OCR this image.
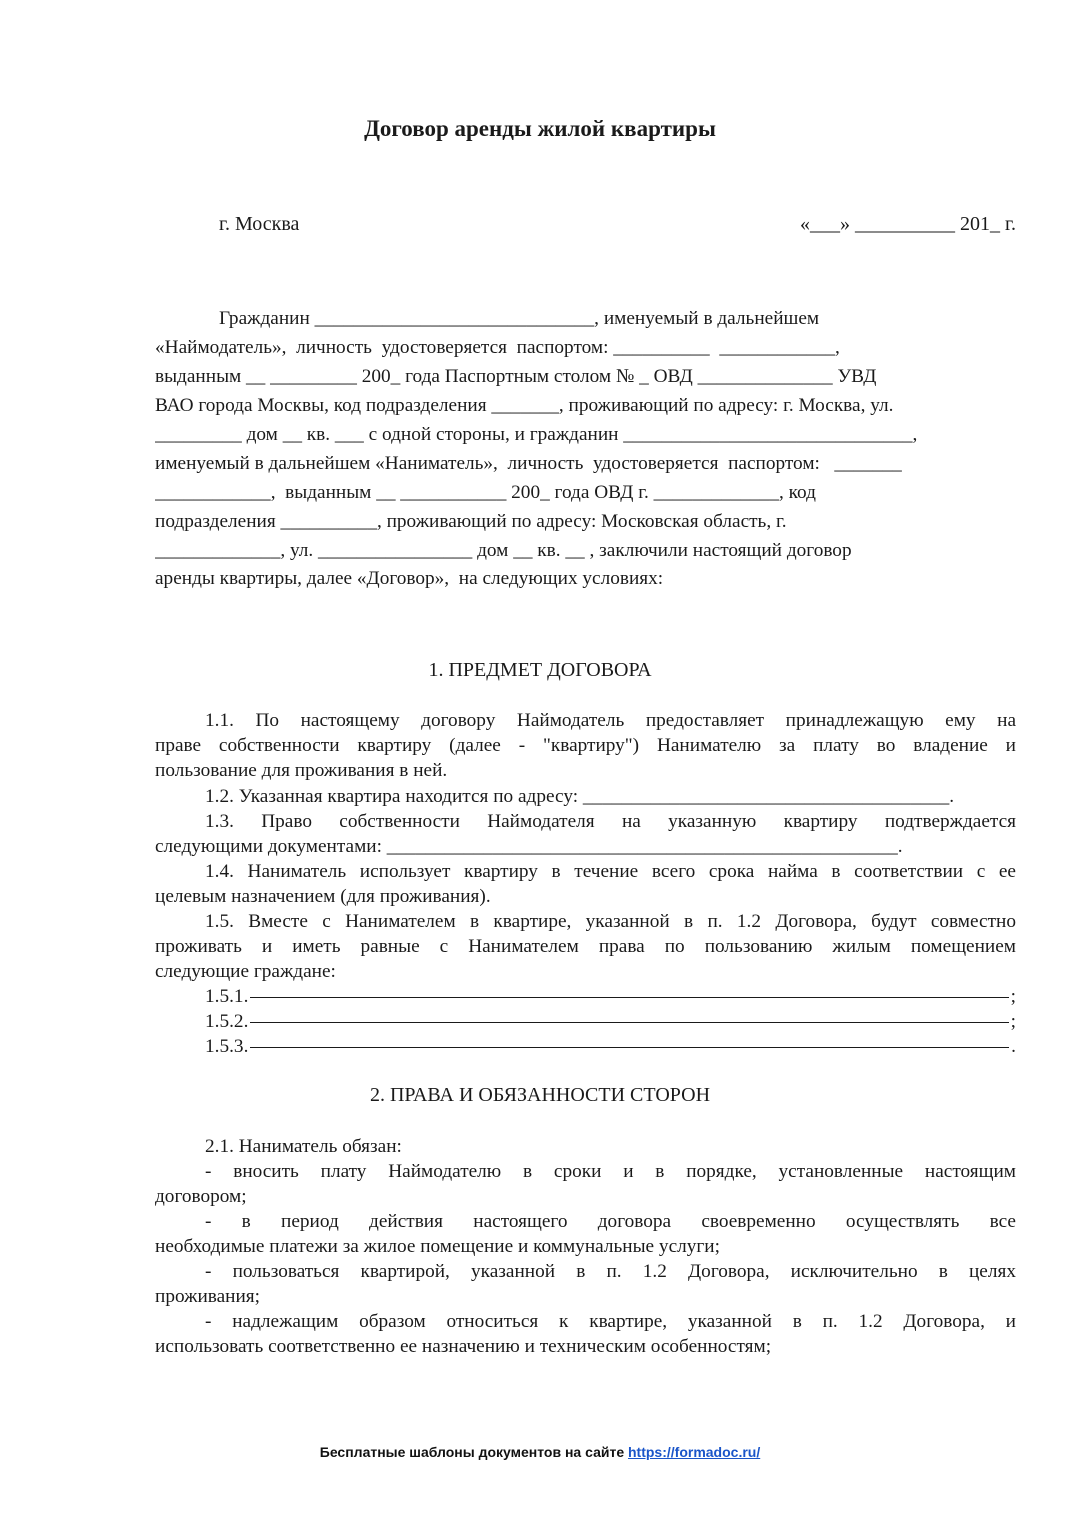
Договор аренды жилой квартиры
г. Москва	«___» __________ 201_ г.
Гражданин _____________________________, именуемый в дальнейшем
«Наймодатель»,  личность  удостоверяется  паспортом: __________  ____________,
выданным __ _________ 200_ года Паспортным столом № _ ОВД ______________ УВД
ВАО города Москвы, код подразделения _______, проживающий по адресу: г. Москва, ул.
_________ дом __ кв. ___ с одной стороны, и гражданин ______________________________,
именуемый в дальнейшем «Наниматель»,  личность  удостоверяется  паспортом:   _______
____________,  выданным __ ___________ 200_ года ОВД г. _____________, код
подразделения __________, проживающий по адресу: Московская область, г.
_____________, ул. ________________ дом __ кв. __ , заключили настоящий договор
аренды квартиры, далее «Договор»,  на следующих условиях:
1. ПРЕДМЕТ ДОГОВОРА
1.1. По настоящему договору Наймодатель предоставляет принадлежащую ему на
праве собственности квартиру (далее - "квартиру") Нанимателю за плату во владение и
пользование для проживания в ней.
1.2. Указанная квартира находится по адресу: ______________________________________.
1.3. Право собственности Наймодателя на указанную квартиру подтверждается
следующими документами: _____________________________________________________.
1.4. Наниматель использует квартиру в течение всего срока найма в соответствии с ее
целевым назначением (для проживания).
1.5. Вместе с Нанимателем в квартире, указанной в п. 1.2 Договора, будут совместно
проживать и иметь равные с Нанимателем права по пользованию жилым помещением
следующие граждане:
1.5.1.	;
1.5.2.	;
1.5.3.	.
2. ПРАВА И ОБЯЗАННОСТИ СТОРОН
2.1. Наниматель обязан:
- вносить плату Наймодателю в сроки и в порядке, установленные настоящим
договором;
- в период действия настоящего договора своевременно осуществлять все
необходимые платежи за жилое помещение и коммунальные услуги;
- пользоваться квартирой, указанной в п. 1.2 Договора, исключительно в целях
проживания;
- надлежащим образом относиться к квартире, указанной в п. 1.2 Договора, и
использовать соответственно ее назначению и техническим особенностям;
Бесплатные шаблоны документов на сайте https://formadoc.ru/
